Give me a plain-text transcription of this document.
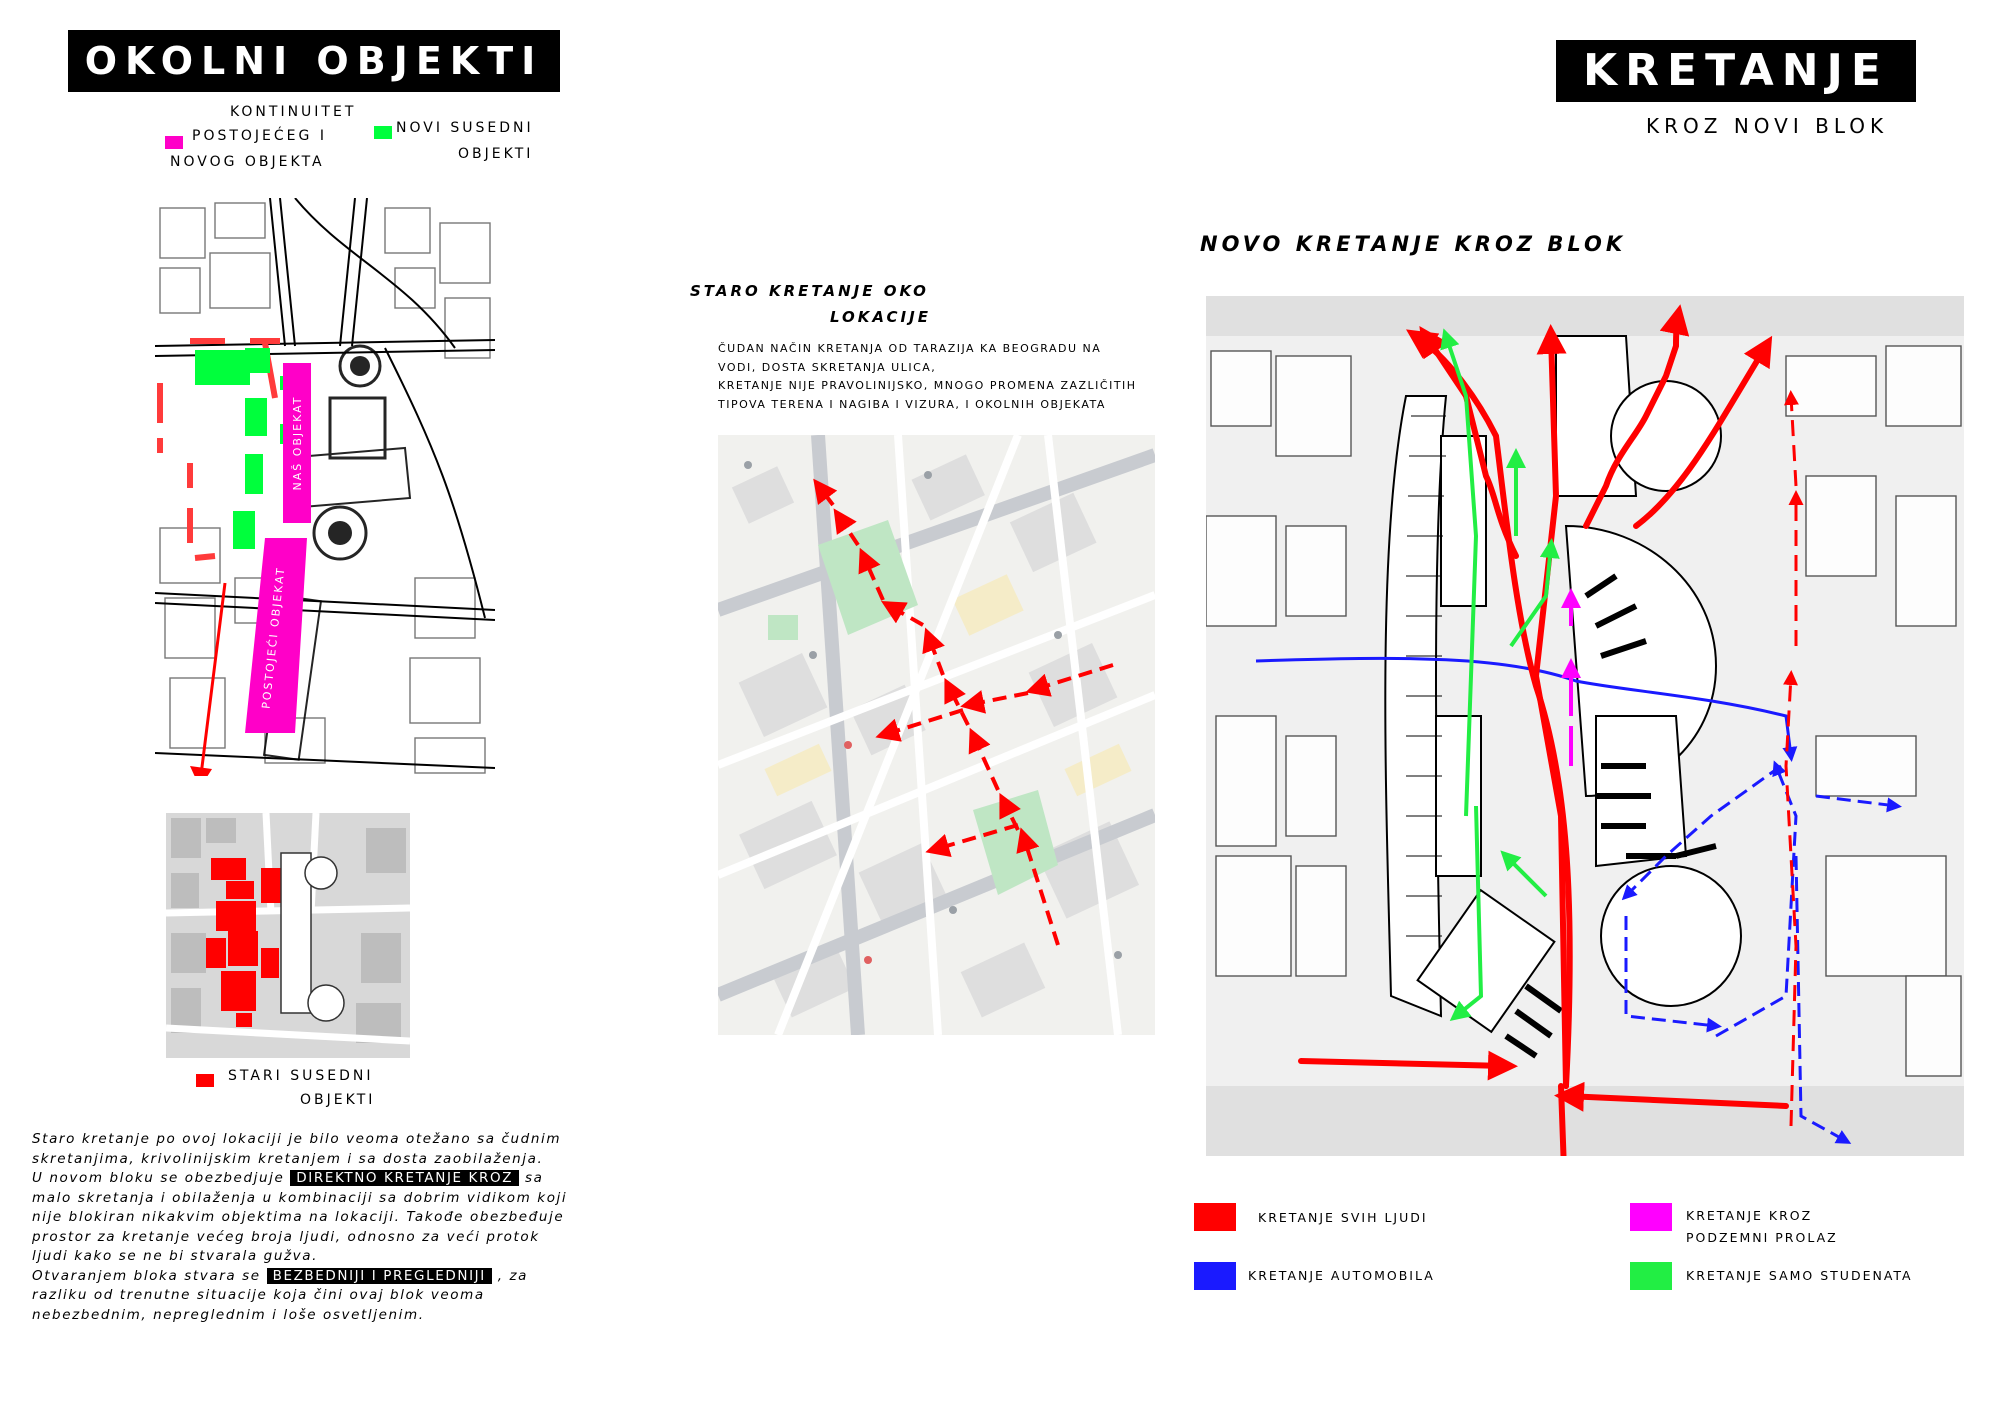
OKOLNI OBJEKTI
KONTINUITET
POSTOJEĆEG I
NOVOG OBJEKTA
NOVI SUSEDNI
OBJEKTI
NAŠ OBJEKAT
POSTOJEĆI OBJEKAT
STARI SUSEDNI
OBJEKTI
Staro kretanje po ovoj lokaciji je bilo veoma otežano sa čudnim skretanjima, krivolinijskim kretanjem i sa dosta zaobilaženja.
U novom bloku se obezbedjuje DIREKTNO KRETANJE KROZ sa malo skretanja i obilaženja u kombinaciji sa dobrim vidikom koji nije blokiran nikakvim objektima na lokaciji. Takođe obezbeđuje prostor za kretanje većeg broja ljudi, odnosno za veći protok ljudi kako se ne bi stvarala gužva.
Otvaranjem bloka stvara se BEZBEDNIJI I PREGLEDNIJI , za razliku od trenutne situacije koja čini ovaj blok veoma nebezbednim, nepreglednim i loše osvetljenim.
STARO KRETANJE OKO
LOKACIJE
ČUDAN NAČIN KRETANJA OD TARAZIJA KA BEOGRADU NA
VODI, DOSTA SKRETANJA ULICA,
KRETANJE NIJE PRAVOLINIJSKO, MNOGO PROMENA ZAZLIČITIH
TIPOVA TERENA I NAGIBA I VIZURA, I OKOLNIH OBJEKATA
KRETANJE
KROZ NOVI BLOK
NOVO KRETANJE KROZ BLOK
KRETANJE SVIH LJUDI
KRETANJE AUTOMOBILA
KRETANJE KROZ
PODZEMNI PROLAZ
KRETANJE SAMO STUDENATA
